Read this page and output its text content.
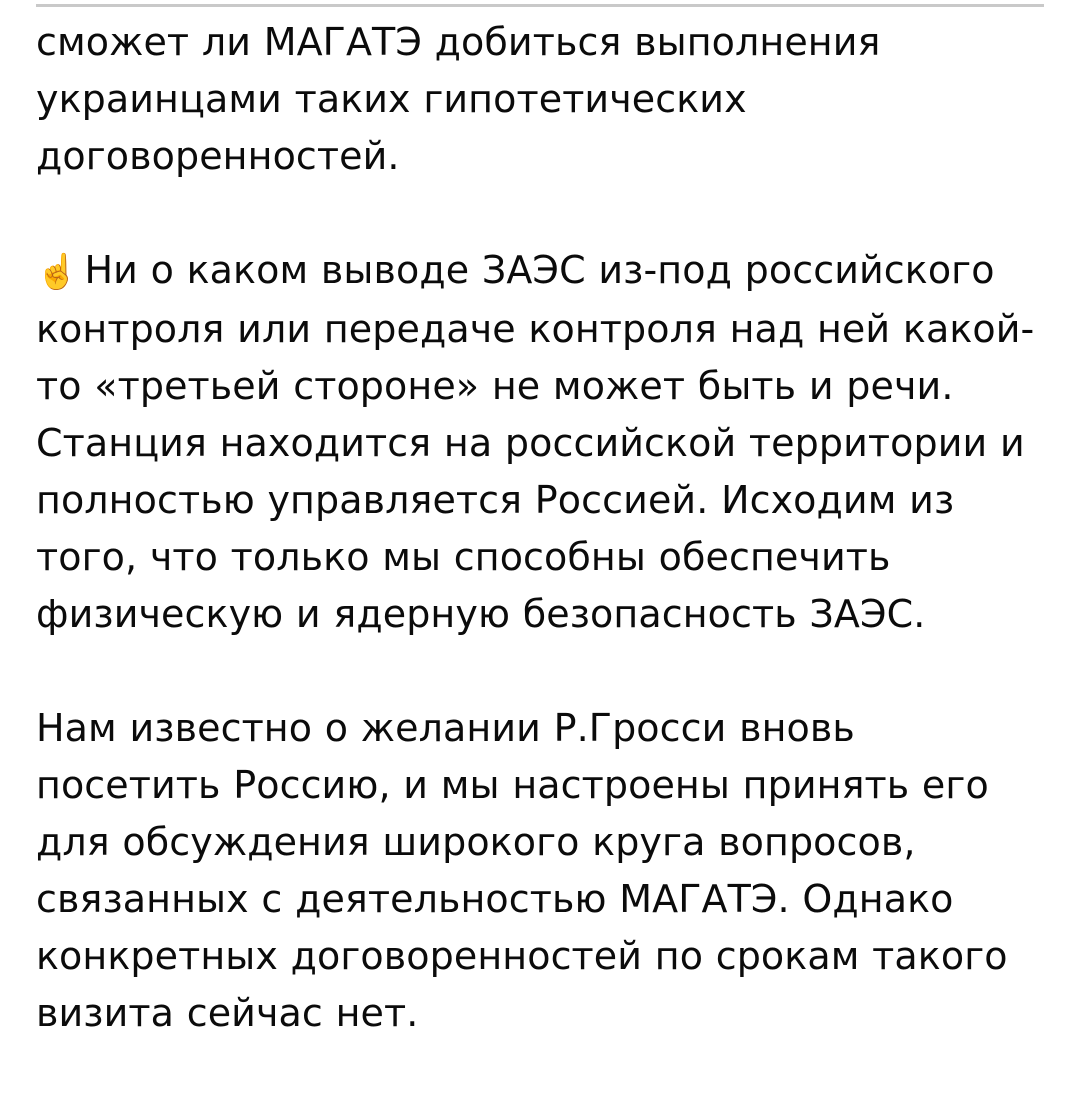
сможет ли МАГАТЭ добиться выполнения украинцами таких гипотетических договоренностей.

☝️ Ни о каком выводе ЗАЭС из-под российского контроля или передаче контроля над ней какой-то «третьей стороне» не может быть и речи. Станция находится на российской территории и полностью управляется Россией. Исходим из того, что только мы способны обеспечить физическую и ядерную безопасность ЗАЭС.

Нам известно о желании Р.Гросси вновь посетить Россию, и мы настроены принять его для обсуждения широкого круга вопросов, связанных с деятельностью МАГАТЭ. Однако конкретных договоренностей по срокам такого визита сейчас нет.
